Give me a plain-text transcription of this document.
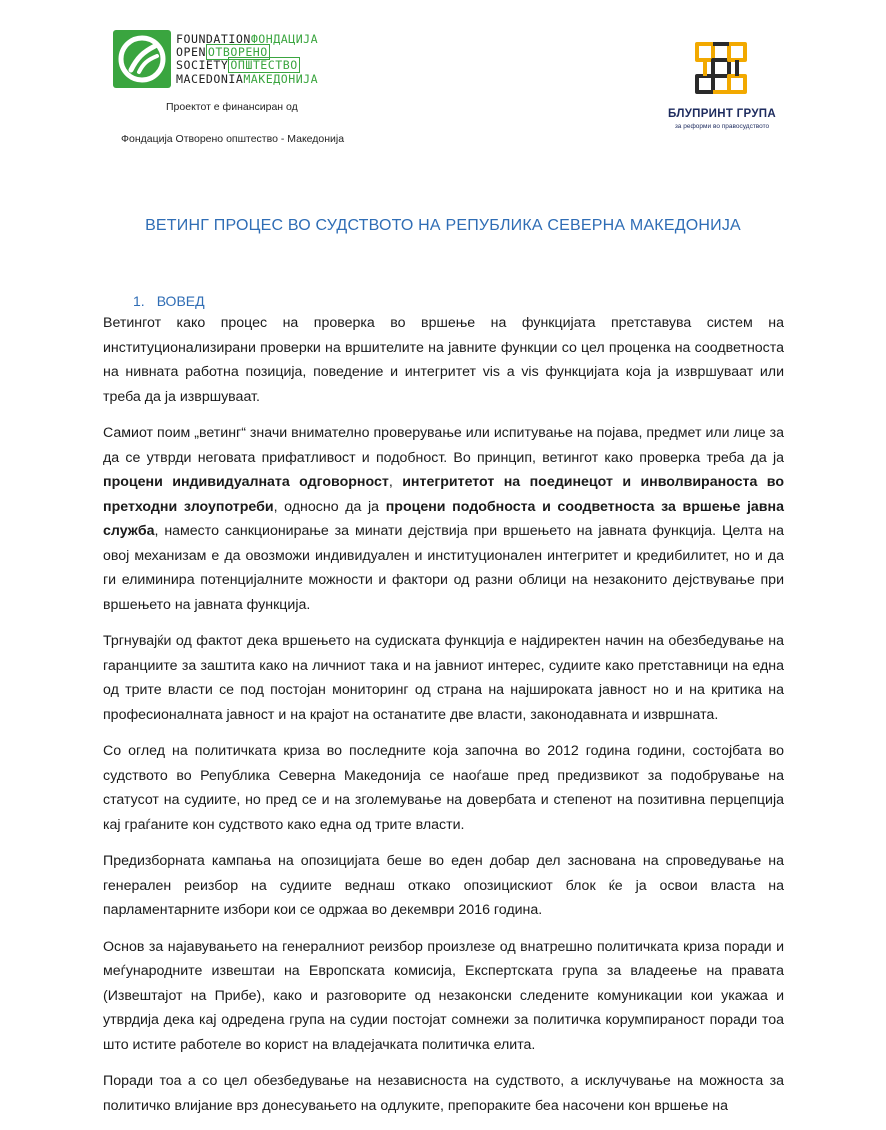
FOUNDATIONФОНДАЦИЈА
OPEN ОТВОРЕНО
SOCIETY ОПШТЕСТВО
MACEDONIAМАКЕДОНИЈА
Проектот е финансиран од
Фондација Отворено општество - Македонија
БЛУПРИНТ ГРУПА
за реформи во правосудството
ВЕТИНГ ПРОЦЕС ВО СУДСТВОТО НА РЕПУБЛИКА СЕВЕРНА МАКЕДОНИЈА
1. ВОВЕД

Ветингот како процес на проверка во вршење на функцијата претставува систем на институционализирани проверки на вршителите на јавните функции со цел проценка на соодветноста на нивната работна позиција, поведение и интегритет vis a vis функцијата која ја извршуваат или треба да ја извршуваат.

Самиот поим „ветинг“ значи внимателно проверување или испитување на појава, предмет или лице за да се утврди неговата прифатливост и подобност. Во принцип, ветингот како проверка треба да ја процени индивидуалната одговорност, интегритетот на поединецот и инволвираноста во претходни злоупотреби, односно да ја процени подобноста и соодветноста за вршење јавна служба, наместо санкционирање за минати дејствија при вршењето на јавната функција. Целта на овој механизам е да овозможи индивидуален и институционален интегритет и кредибилитет, но и да ги елиминира потенцијалните можности и фактори од разни облици на незаконито дејствување при вршењето на јавната функција.

Тргнувајќи од фактот дека вршењето на судиската функција е најдиректен начин на обезбедување на гаранциите за заштита како на личниот така и на јавниот интерес, судиите како претставници на една од трите власти се под постојан мониторинг од страна на најшироката јавност но и на критика на професионалната јавност и на крајот на останатите две власти, законодавната и извршната.

Со оглед на политичката криза во последните која започна во 2012 година години, состојбата во судството во Република Северна Македонија се наоѓаше пред предизвикот за подобрување на статусот на судиите, но пред се и на зголемување на довербата и степенот на позитивна перцепција кај граѓаните кон судството како една од трите власти.

Предизборната кампања на опозицијата беше во еден добар дел заснована на спроведување на генерален реизбор на судиите веднаш откако опозицискиот блок ќе ја освои власта на парламентарните избори кои се одржаа во декември 2016 година.

Основ за најавувањето на генералниот реизбор произлезе од внатрешно политичката криза поради и меѓународните извештаи на Европската комисија, Експертската група за владеење на правата (Извештајот на Прибе), како и разговорите од незаконски следените комуникации кои укажаа и утврдија дека кај одредена група на судии постојат сомнежи за политичка корумпираност поради тоа што истите работеле во корист на владејачката политичка елита.

Поради тоа а со цел обезбедување на независноста на судството, а исклучување на можноста за политичко влијание врз донесувањето на одлуките, препораките беа насочени кон вршење на
